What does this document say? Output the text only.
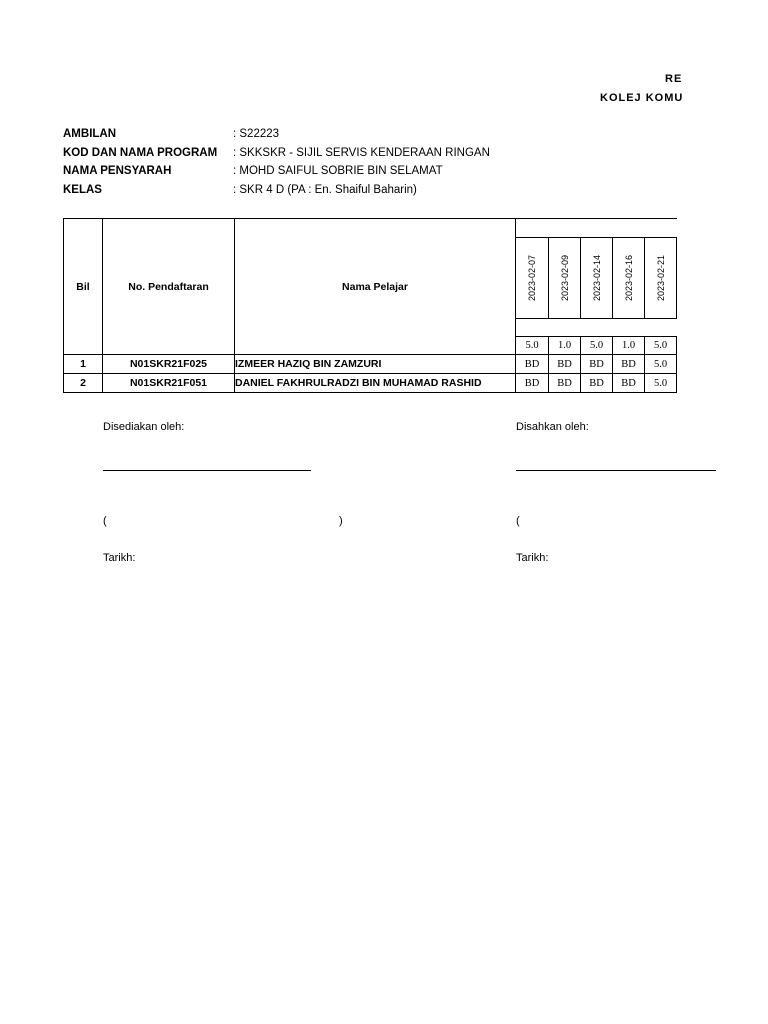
RE
KOLEJ KOMU
AMBILAN	: S22223
KOD DAN NAMA PROGRAM : SKKSKR - SIJIL SERVIS KENDERAAN RINGAN
NAMA PENSYARAH	: MOHD SAIFUL SOBRIE BIN SELAMAT
KELAS	: SKR 4 D (PA : En. Shaiful Baharin)
Bil	No. Pendaftaran	Nama Pelajar					

			2023-02-07	2023-02-09	2023-02-14	2023-02-16	2023-02-21

			5.0	1.0	5.0	1.0	5.0
1	N01SKR21F025	IZMEER HAZIQ BIN ZAMZURI	BD	BD	BD	BD	5.0
2	N01SKR21F051	DANIEL FAKHRULRADZI BIN MUHAMAD RASHID	BD	BD	BD	BD	5.0
Disediakan oleh:
(	)
Tarikh:
Disahkan oleh:
(
Tarikh:
